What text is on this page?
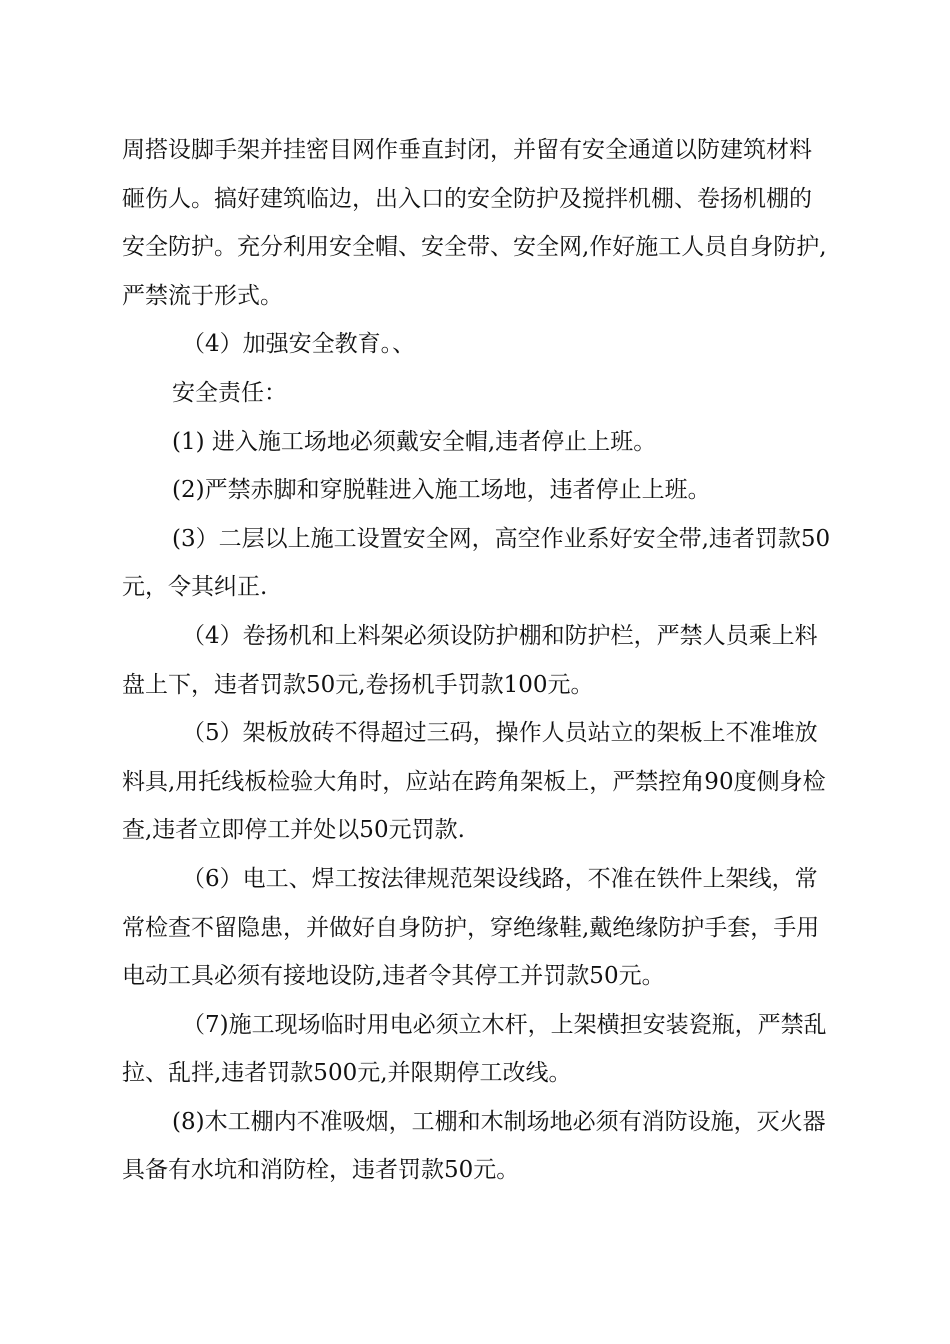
周搭设脚手架并挂密目网作垂直封闭，并留有安全通道以防建筑材料砸伤人。搞好建筑临边，出入口的安全防护及搅拌机棚、卷扬机棚的安全防护。充分利用安全帽、安全带、安全网,作好施工人员自身防护,严禁流于形式。

（4）加强安全教育。、

安全责任：

(1) 进入施工场地必须戴安全帽,违者停止上班。

(2)严禁赤脚和穿脱鞋进入施工场地，违者停止上班。

(3）二层以上施工设置安全网，高空作业系好安全带,违者罚款50元，令其纠正.

（4）卷扬机和上料架必须设防护棚和防护栏，严禁人员乘上料盘上下，违者罚款50元,卷扬机手罚款100元。

（5）架板放砖不得超过三码，操作人员站立的架板上不准堆放料具,用托线板检验大角时，应站在跨角架板上，严禁控角90度侧身检查,违者立即停工并处以50元罚款.

（6）电工、焊工按法律规范架设线路，不准在铁件上架线，常常检查不留隐患，并做好自身防护，穿绝缘鞋,戴绝缘防护手套，手用电动工具必须有接地设防,违者令其停工并罚款50元。

（7)施工现场临时用电必须立木杆，上架横担安装瓷瓶，严禁乱拉、乱拌,违者罚款500元,并限期停工改线。

(8)木工棚内不准吸烟，工棚和木制场地必须有消防设施，灭火器具备有水坑和消防栓，违者罚款50元。
